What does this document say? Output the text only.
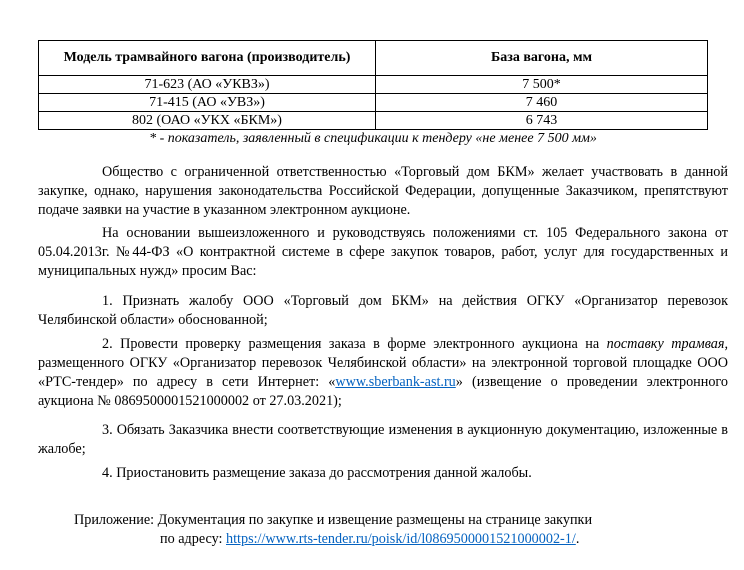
Модель трамвайного вагона (производитель)	База вагона, мм
71-623 (АО «УКВЗ»)	7 500*
71-415 (АО «УВЗ»)	7 460
802 (ОАО «УКХ «БКМ»)	6 743
* - показатель, заявленный в спецификации к тендеру «не менее 7 500 мм»

Общество с ограниченной ответственностью «Торговый дом БКМ» желает участвовать в данной закупке, однако, нарушения законодательства Российской Федерации, допущенные Заказчиком, препятствуют подаче заявки на участие в указанном электронном аукционе.

На основании вышеизложенного и руководствуясь положениями ст. 105 Федерального закона от 05.04.2013г. №44-ФЗ «О контрактной системе в сфере закупок товаров, работ, услуг для государственных и муниципальных нужд» просим Вас:

1. Признать жалобу ООО «Торговый дом БКМ» на действия ОГКУ «Организатор перевозок Челябинской области» обоснованной;

2. Провести проверку размещения заказа в форме электронного аукциона на поставку трамвая, размещенного ОГКУ «Организатор перевозок Челябинской области» на электронной торговой площадке ООО «РТС-тендер» по адресу в сети Интернет: «www.sberbank-ast.ru» (извещение о проведении электронного аукциона № 0869500001521000002 от 27.03.2021);

3. Обязать Заказчика внести соответствующие изменения в аукционную документацию, изложенные в жалобе;

4. Приостановить размещение заказа до рассмотрения данной жалобы.

Приложение: Документация по закупке и извещение размещены на странице закупки
по адресу: https://www.rts-tender.ru/poisk/id/l0869500001521000002-1/.
